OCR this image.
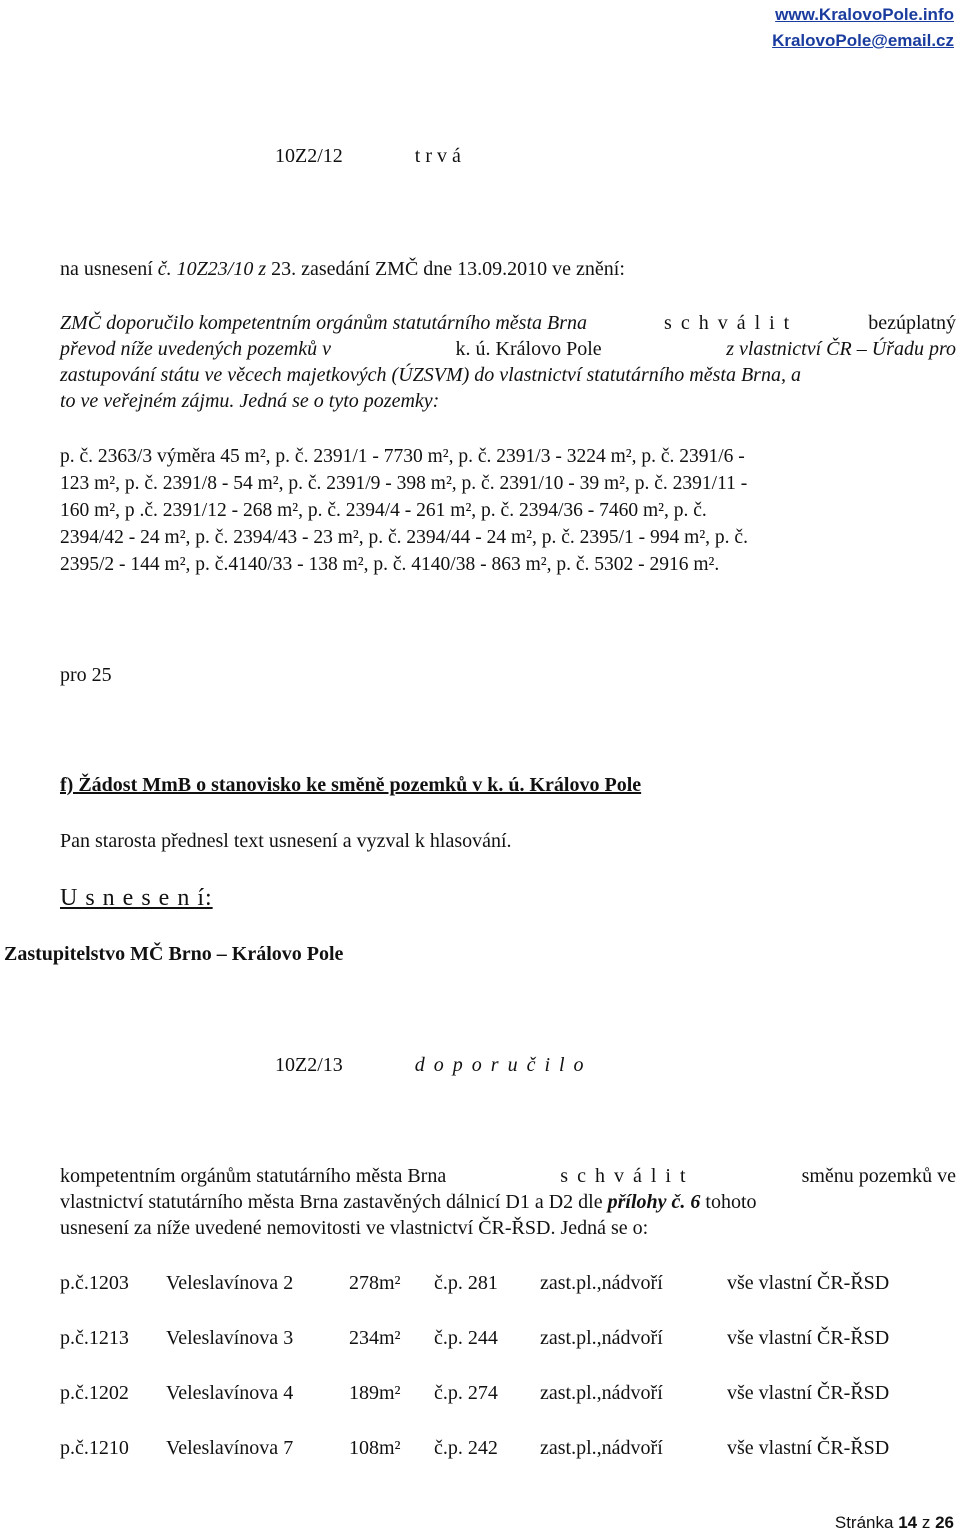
www.KralovoPole.info
KralovoPole@email.cz
10Z2/12	t r v á
na usnesení č. 10Z23/10 z 23. zasedání ZMČ dne 13.09.2010 ve znění:
ZMČ doporučilo kompetentním orgánům statutárního města Brna	s c h v á l i t	bezúplatný
převod níže uvedených pozemků v	k. ú. Královo Pole	z vlastnictví ČR – Úřadu pro
zastupování státu ve věcech majetkových (ÚZSVM) do vlastnictví statutárního města Brna, a
to ve veřejném zájmu. Jedná se o tyto pozemky:
p. č. 2363/3 výměra 45 m², p. č. 2391/1 - 7730 m², p. č. 2391/3 - 3224 m², p. č. 2391/6 -
123 m², p. č. 2391/8 - 54 m², p. č. 2391/9 - 398 m², p. č. 2391/10 - 39 m², p. č. 2391/11 -
160 m², p .č. 2391/12 - 268 m², p. č. 2394/4 - 261 m², p. č. 2394/36 - 7460 m², p. č.
2394/42 - 24 m², p. č. 2394/43 - 23 m², p. č. 2394/44 - 24 m², p. č. 2395/1 - 994 m², p. č.
2395/2 - 144 m², p. č.4140/33 - 138 m², p. č. 4140/38 - 863 m², p. č. 5302 - 2916 m².
pro 25
f) Žádost MmB o stanovisko ke směně pozemků v k. ú. Královo Pole
Pan starosta přednesl text usnesení a vyzval k hlasování.
U s n e s e n í:
Zastupitelstvo MČ Brno – Královo Pole
10Z2/13	d o p o r u č i l o
kompetentním orgánům statutárního města Brna	s c h v á l i t	směnu pozemků ve
vlastnictví statutárního města Brna zastavěných dálnicí D1 a D2 dle přílohy č. 6 tohoto
usnesení za níže uvedené nemovitosti ve vlastnictví ČR-ŘSD. Jedná se o:
p.č.1203 Veleslavínova 2	278m² č.p. 281 zast.pl.,nádvoří	vše vlastní ČR-ŘSD
p.č.1213 Veleslavínova 3	234m² č.p. 244 zast.pl.,nádvoří	vše vlastní ČR-ŘSD
p.č.1202 Veleslavínova 4	189m² č.p. 274 zast.pl.,nádvoří	vše vlastní ČR-ŘSD
p.č.1210 Veleslavínova 7	108m² č.p. 242 zast.pl.,nádvoří	vše vlastní ČR-ŘSD
Stránka 14 z 26
